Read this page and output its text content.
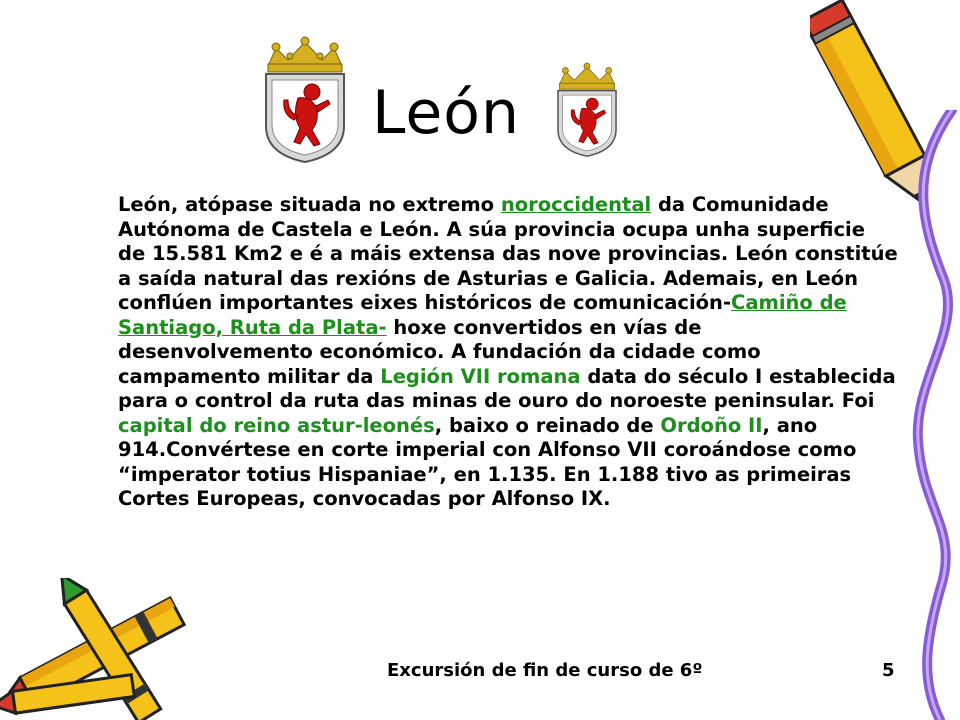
León
León, atópase situada no extremo noroccidental da Comunidade Autónoma de Castela e León. A súa provincia ocupa unha superficie de 15.581 Km2 e é a máis extensa das nove provincias. León constitúe a saída natural das rexións de Asturias e Galicia. Ademais, en León conflúen importantes eixes históricos de comunicación-Camiño de Santiago, Ruta da Plata- hoxe convertidos en vías de desenvolvemento económico. A fundación da cidade como campamento militar da Legión VII romana data do século I establecida para o control da ruta das minas de ouro do noroeste peninsular. Foi capital do reino astur-leonés, baixo o reinado de Ordoño II, ano 914.Convértese en corte imperial con Alfonso VII coroándose como “imperator totius Hispaniae”, en 1.135. En 1.188 tivo as primeiras Cortes Europeas, convocadas por Alfonso IX.
Excursión de fin de curso de 6º	5
